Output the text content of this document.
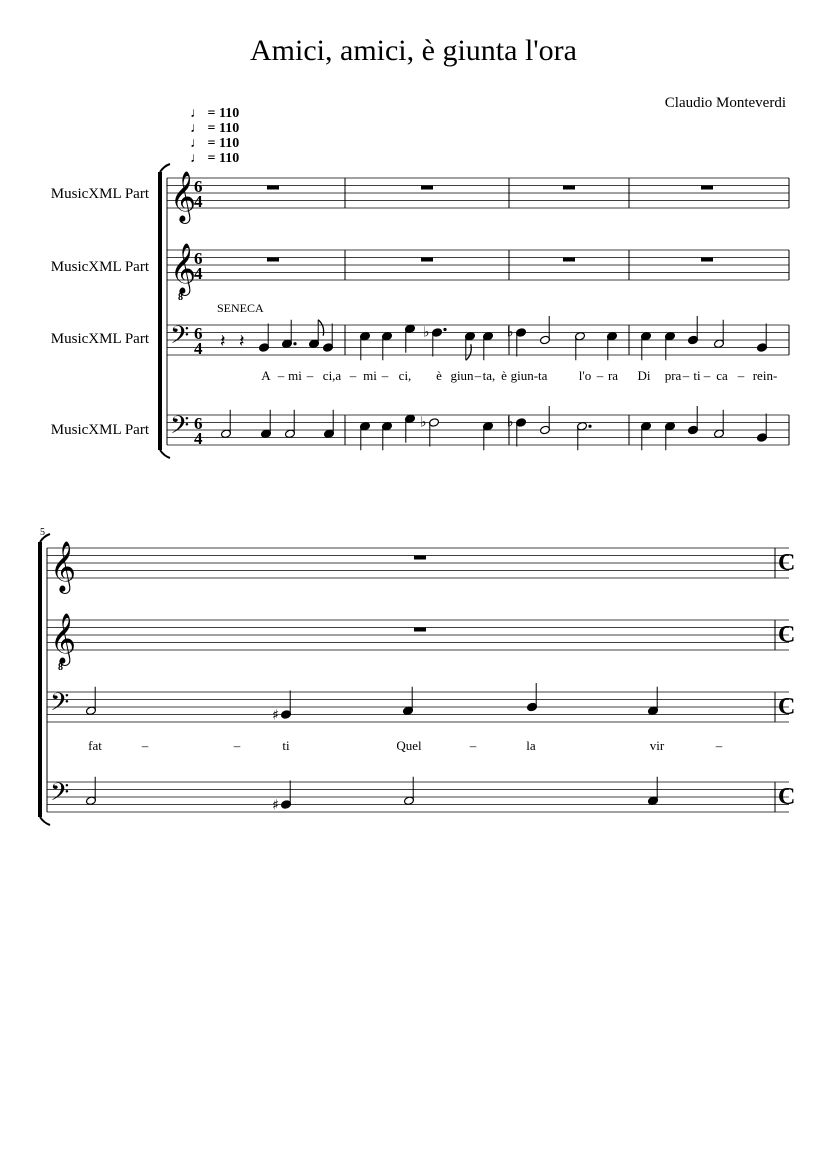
Amici, amici, è giunta l'ora
Claudio Monteverdi
♩ = 110
♩ = 110
♩ = 110
♩ = 110
MusicXML Part
MusicXML Part
MusicXML Part
MusicXML Part
SENECA
5
A – mi – ci,a – mi – ci, è giun – ta, è giun-ta l'o – ra Di pra – ti – ca – rein-
fat	–	–	ti	Quel	–	la	vir	–
𝄞
6
4
𝄞
8
6
4
𝄢 6
4
𝄢 6
4
𝄽 𝄽	♭	♭
♭	♭
𝄞	C
𝄞
8
C
𝄢	C
𝄢	C
♯
♯
